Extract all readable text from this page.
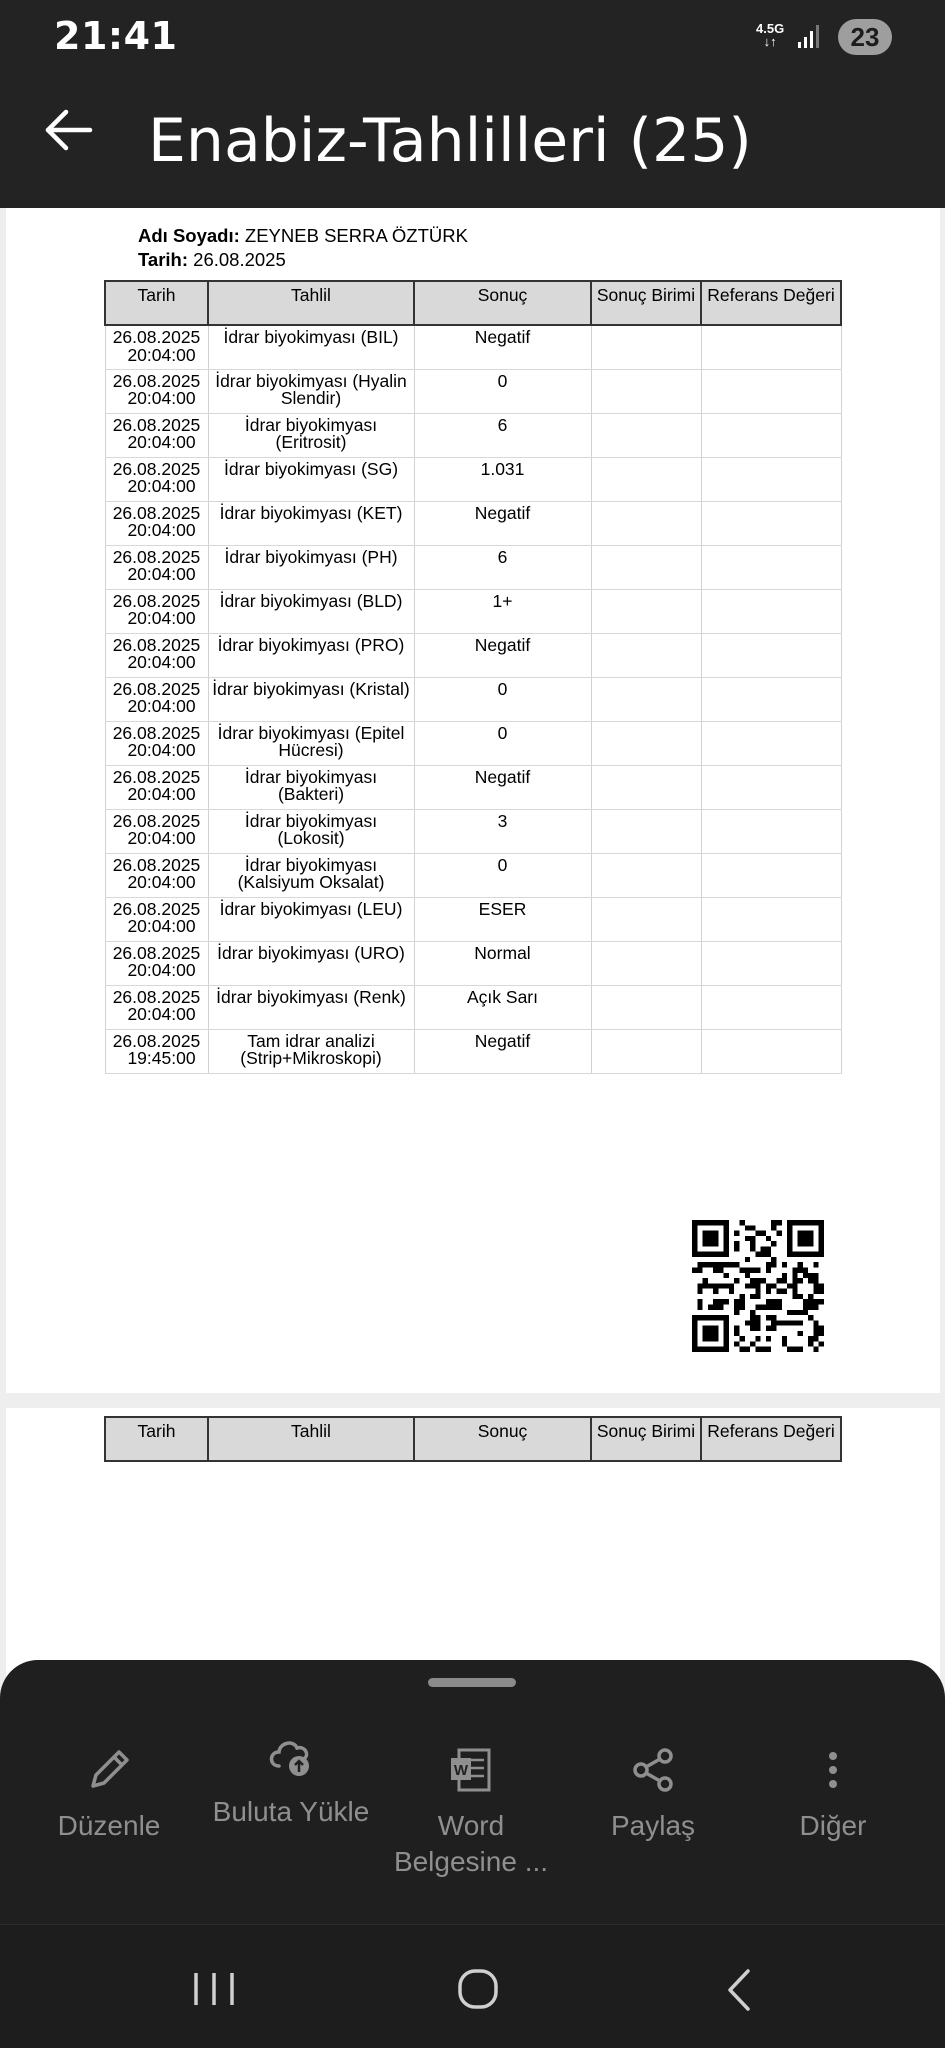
21:41	4.5G
↓↑	23
Enabiz-Tahlilleri (25)
Adı Soyadı: ZEYNEB SERRA ÖZTÜRK
Tarih: 26.08.2025
Tarih	Tahlil	Sonuç	Sonuç Birimi	Referans Değeri
26.08.2025
20:04:00	İdrar biyokimyası (BIL)	Negatif		
26.08.2025
20:04:00	İdrar biyokimyası (Hyalin Slendir)	0		
26.08.2025
20:04:00	İdrar biyokimyası (Eritrosit)	6		
26.08.2025
20:04:00	İdrar biyokimyası (SG)	1.031		
26.08.2025
20:04:00	İdrar biyokimyası (KET)	Negatif		
26.08.2025
20:04:00	İdrar biyokimyası (PH)	6		
26.08.2025
20:04:00	İdrar biyokimyası (BLD)	1+		
26.08.2025
20:04:00	İdrar biyokimyası (PRO)	Negatif		
26.08.2025
20:04:00	İdrar biyokimyası (Kristal)	0		
26.08.2025
20:04:00	İdrar biyokimyası (Epitel Hücresi)	0		
26.08.2025
20:04:00	İdrar biyokimyası (Bakteri)	Negatif		
26.08.2025
20:04:00	İdrar biyokimyası (Lokosit)	3		
26.08.2025
20:04:00	İdrar biyokimyası (Kalsiyum Oksalat)	0		
26.08.2025
20:04:00	İdrar biyokimyası (LEU)	ESER		
26.08.2025
20:04:00	İdrar biyokimyası (URO)	Normal		
26.08.2025
20:04:00	İdrar biyokimyası (Renk)	Açık Sarı		
26.08.2025
19:45:00	Tam idrar analizi (Strip+Mikroskopi)	Negatif		
Tarih	Tahlil	Sonuç	Sonuç Birimi	Referans Değeri
Düzenle	Buluta Yükle
W
Word Belgesine ...
Paylaş	Diğer
